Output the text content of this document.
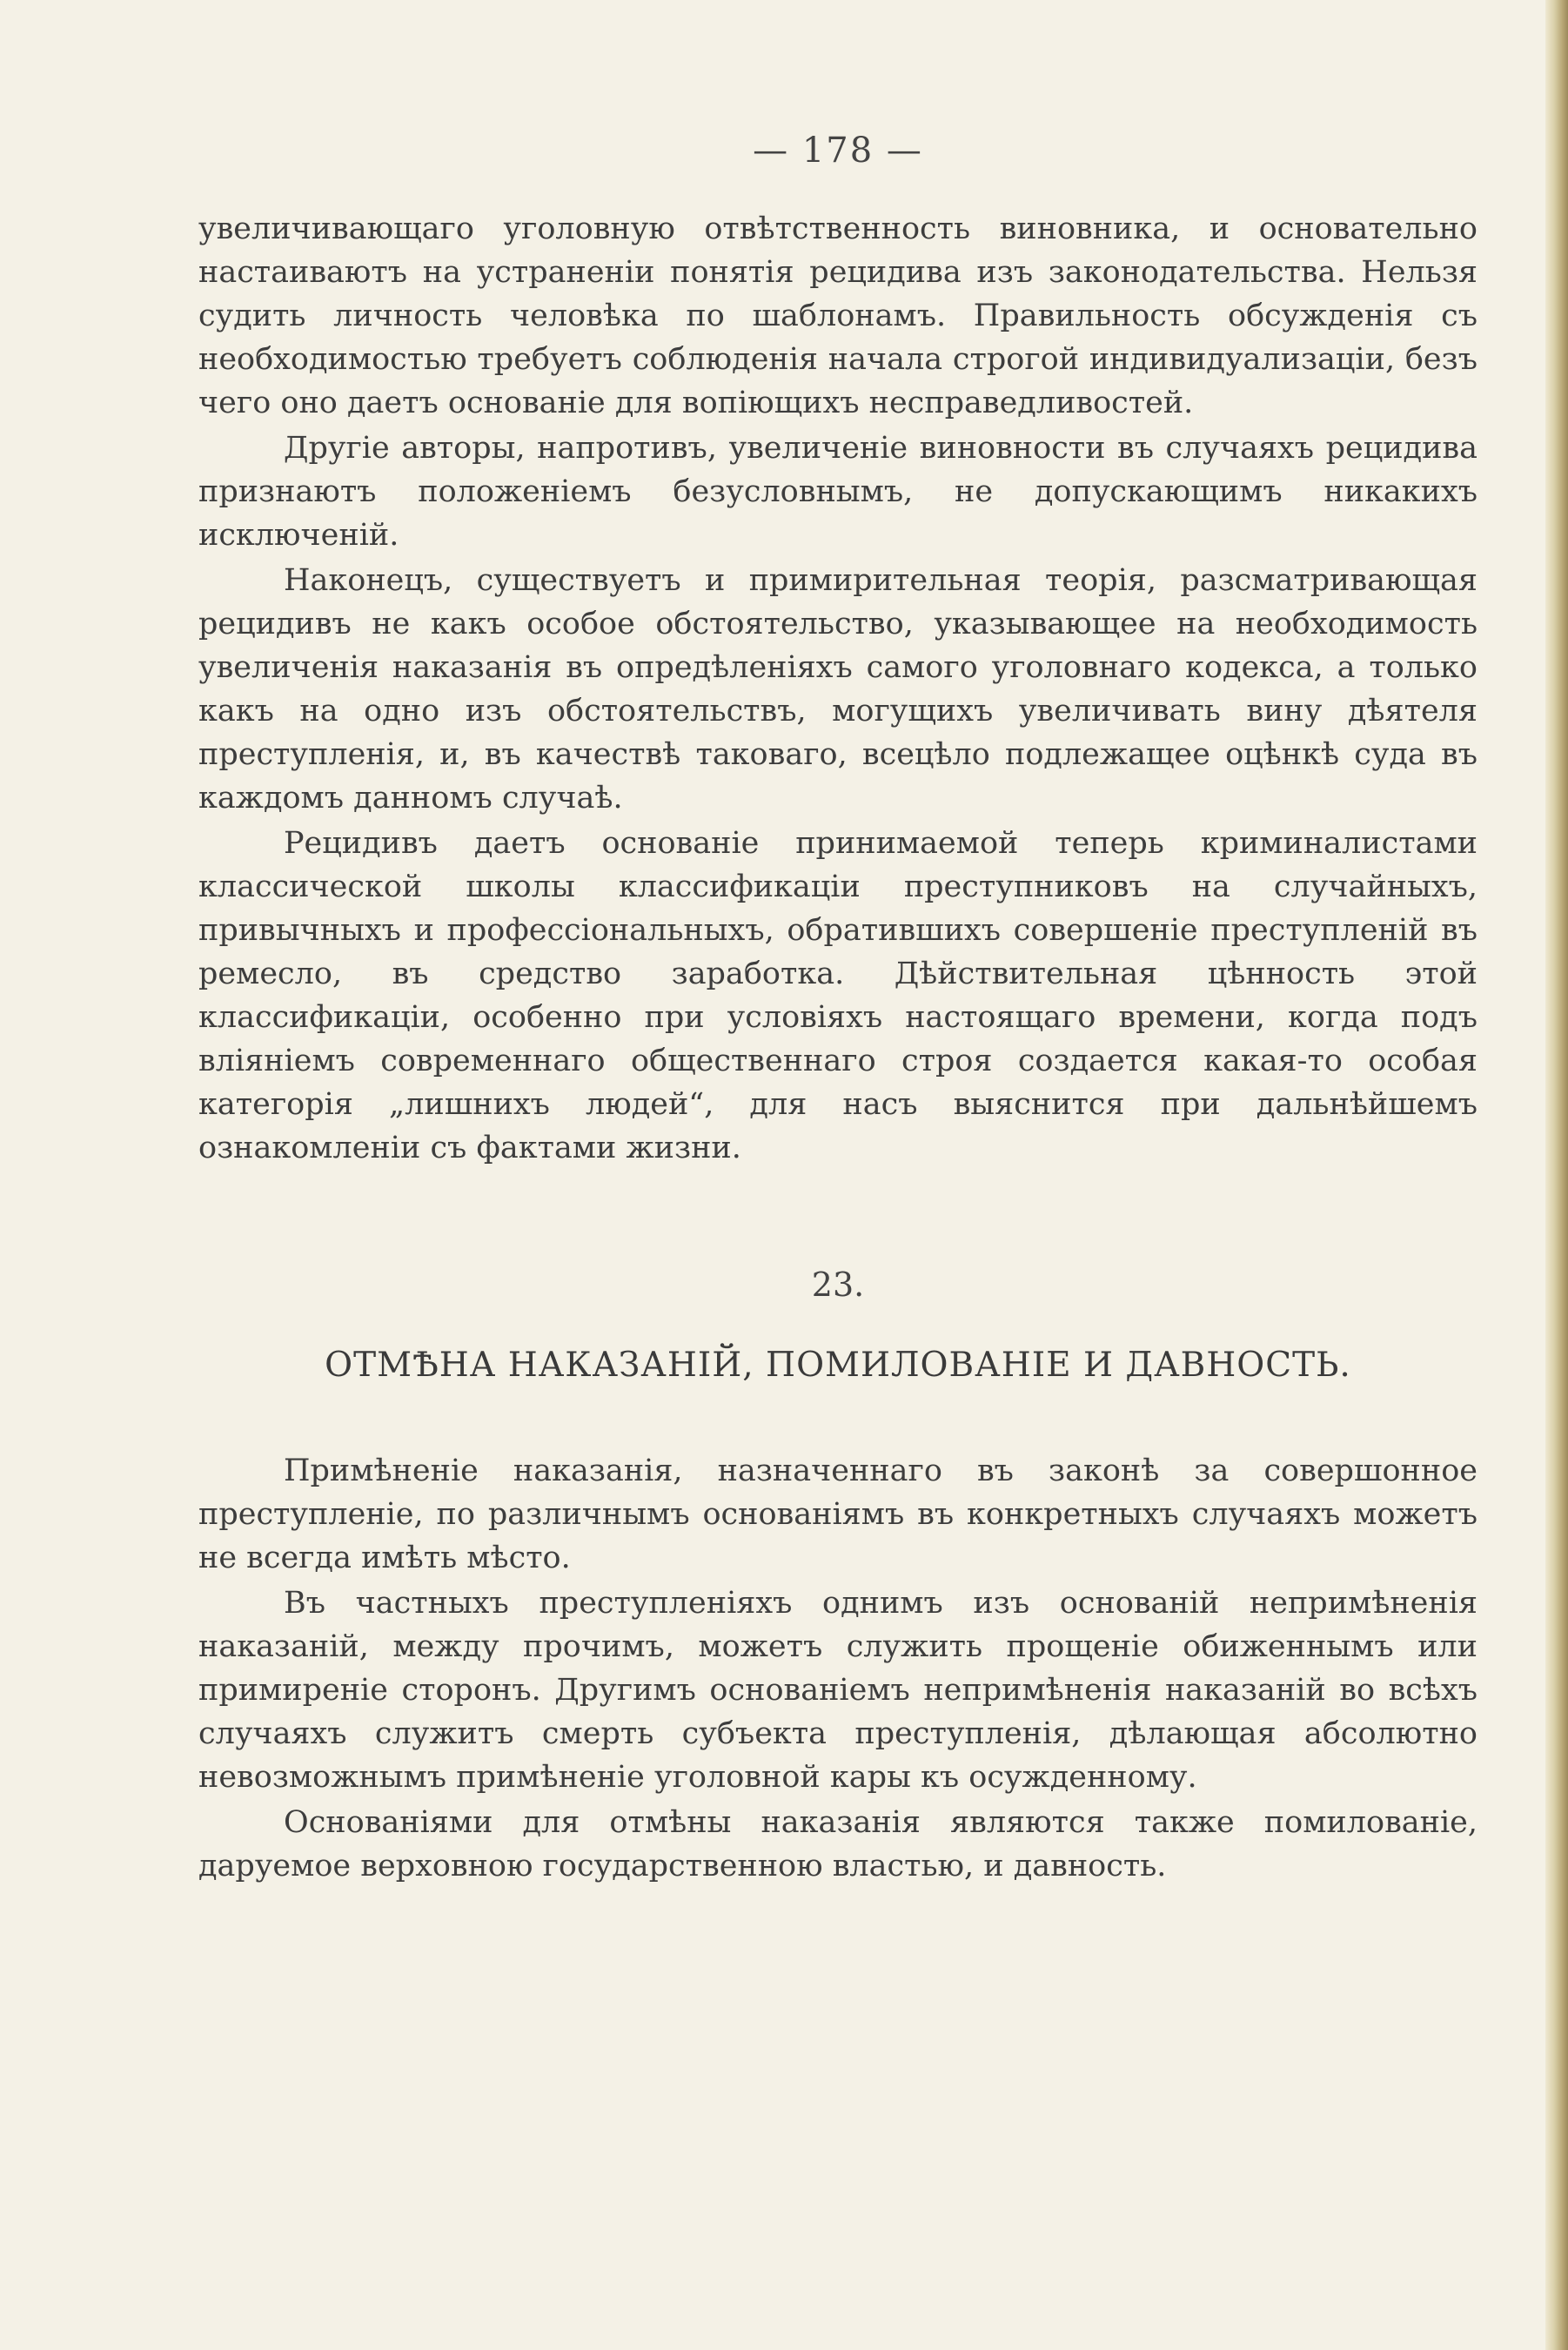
— 178 —

увеличивающаго уголовную отвѣтственность виновника, и основательно настаиваютъ на устраненіи понятія рецидива изъ законодательства. Нельзя судить личность человѣка по шаблонамъ. Правильность обсужденія съ необходимостью требуетъ соблюденія начала строгой индивидуализаціи, безъ чего оно даетъ основаніе для вопіющихъ несправедливостей.

Другіе авторы, напротивъ, увеличеніе виновности въ случаяхъ рецидива признаютъ положеніемъ безусловнымъ, не допускающимъ никакихъ исключеній.

Наконецъ, существуетъ и примирительная теорія, разсматривающая рецидивъ не какъ особое обстоятельство, указывающее на необходимость увеличенія наказанія въ опредѣленіяхъ самого уголовнаго кодекса, а только какъ на одно изъ обстоятельствъ, могущихъ увеличивать вину дѣятеля преступленія, и, въ качествѣ таковаго, всецѣло подлежащее оцѣнкѣ суда въ каждомъ данномъ случаѣ.

Рецидивъ даетъ основаніе принимаемой теперь криминалистами классической школы классификаціи преступниковъ на случайныхъ, привычныхъ и профессіональныхъ, обратившихъ совершеніе преступленій въ ремесло, въ средство заработка. Дѣйствительная цѣнность этой классификаціи, особенно при условіяхъ настоящаго времени, когда подъ вліяніемъ современнаго общественнаго строя создается какая-то особая категорія „лишнихъ людей“, для насъ выяснится при дальнѣйшемъ ознакомленіи съ фактами жизни.

23.
ОТМѢНА НАКАЗАНІЙ, ПОМИЛОВАНІЕ И ДАВНОСТЬ.

Примѣненіе наказанія, назначеннаго въ законѣ за совершонное преступленіе, по различнымъ основаніямъ въ конкретныхъ случаяхъ можетъ не всегда имѣть мѣсто.

Въ частныхъ преступленіяхъ однимъ изъ основаній непримѣненія наказаній, между прочимъ, можетъ служить прощеніе обиженнымъ или примиреніе сторонъ. Другимъ основаніемъ непримѣненія наказаній во всѣхъ случаяхъ служитъ смерть субъекта преступленія, дѣлающая абсолютно невозможнымъ примѣненіе уголовной кары къ осужденному.

Основаніями для отмѣны наказанія являются также помилованіе, даруемое верховною государственною властью, и давность.
